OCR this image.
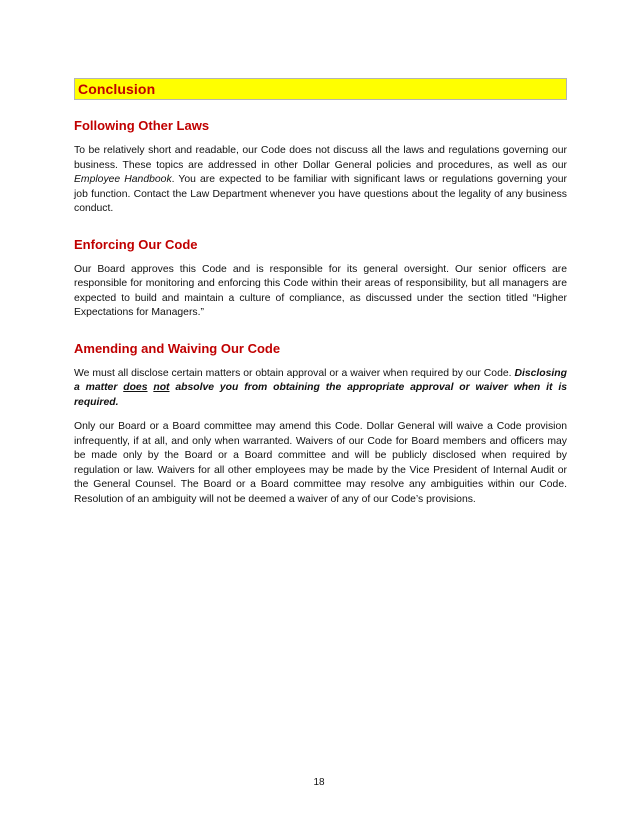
Conclusion
Following Other Laws

To be relatively short and readable, our Code does not discuss all the laws and regulations governing our business. These topics are addressed in other Dollar General policies and procedures, as well as our Employee Handbook. You are expected to be familiar with significant laws or regulations governing your job function. Contact the Law Department whenever you have questions about the legality of any business conduct.

Enforcing Our Code

Our Board approves this Code and is responsible for its general oversight. Our senior officers are responsible for monitoring and enforcing this Code within their areas of responsibility, but all managers are expected to build and maintain a culture of compliance, as discussed under the section titled “Higher Expectations for Managers.”

Amending and Waiving Our Code

We must all disclose certain matters or obtain approval or a waiver when required by our Code. Disclosing a matter does not absolve you from obtaining the appropriate approval or waiver when it is required.

Only our Board or a Board committee may amend this Code. Dollar General will waive a Code provision infrequently, if at all, and only when warranted. Waivers of our Code for Board members and officers may be made only by the Board or a Board committee and will be publicly disclosed when required by regulation or law. Waivers for all other employees may be made by the Vice President of Internal Audit or the General Counsel. The Board or a Board committee may resolve any ambiguities within our Code. Resolution of an ambiguity will not be deemed a waiver of any of our Code’s provisions.

18
